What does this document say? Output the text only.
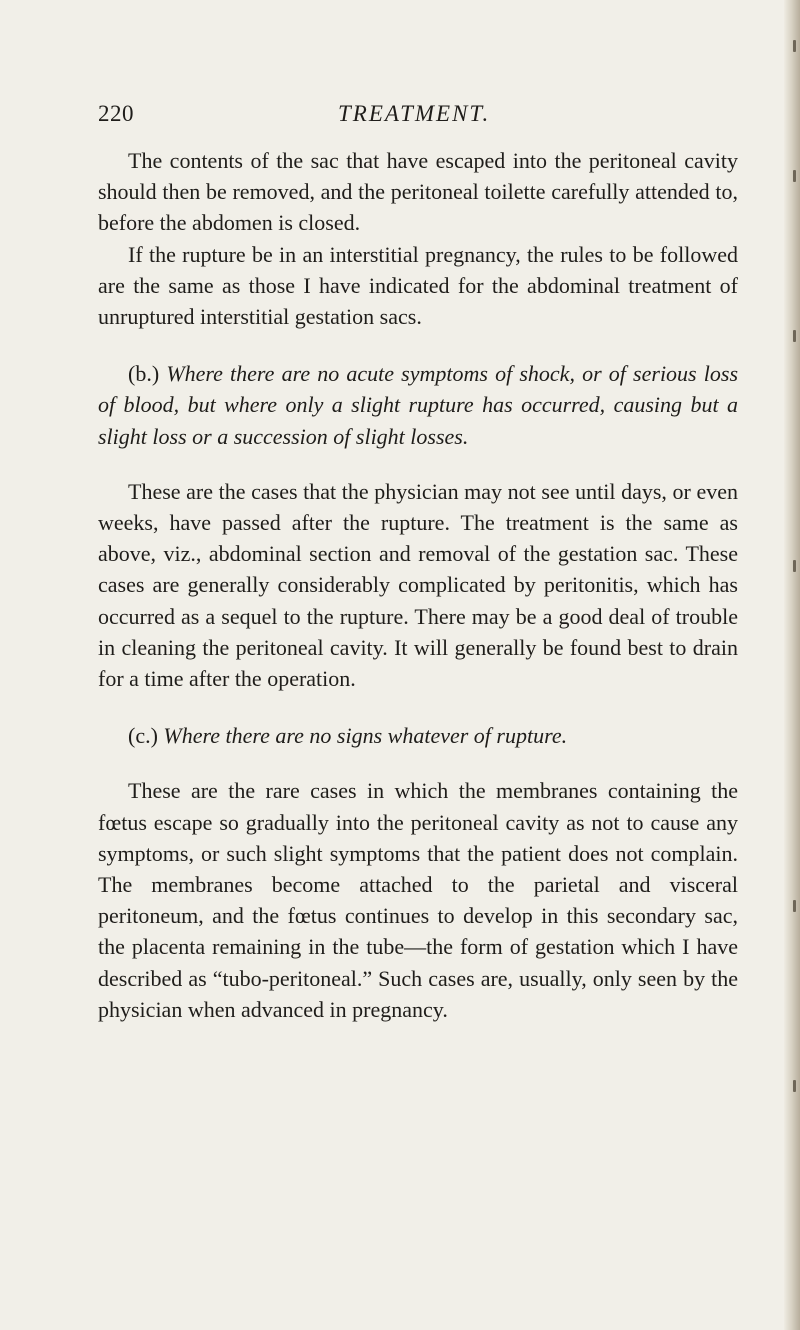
220	TREATMENT.

The contents of the sac that have escaped into the peritoneal cavity should then be removed, and the peritoneal toilette carefully attended to, before the abdomen is closed.

If the rupture be in an interstitial pregnancy, the rules to be followed are the same as those I have indicated for the abdominal treatment of unruptured interstitial gestation sacs.

(b.) Where there are no acute symptoms of shock, or of serious loss of blood, but where only a slight rupture has occurred, causing but a slight loss or a succession of slight losses.

These are the cases that the physician may not see until days, or even weeks, have passed after the rupture. The treatment is the same as above, viz., abdominal section and removal of the gestation sac. These cases are generally considerably complicated by peritonitis, which has occurred as a sequel to the rupture. There may be a good deal of trouble in cleaning the peritoneal cavity. It will generally be found best to drain for a time after the operation.

(c.) Where there are no signs whatever of rupture.

These are the rare cases in which the membranes containing the fœtus escape so gradually into the peritoneal cavity as not to cause any symptoms, or such slight symptoms that the patient does not complain. The membranes become attached to the parietal and visceral peritoneum, and the fœtus continues to develop in this secondary sac, the placenta remaining in the tube—the form of gestation which I have described as “tubo-peritoneal.” Such cases are, usually, only seen by the physician when advanced in pregnancy.
